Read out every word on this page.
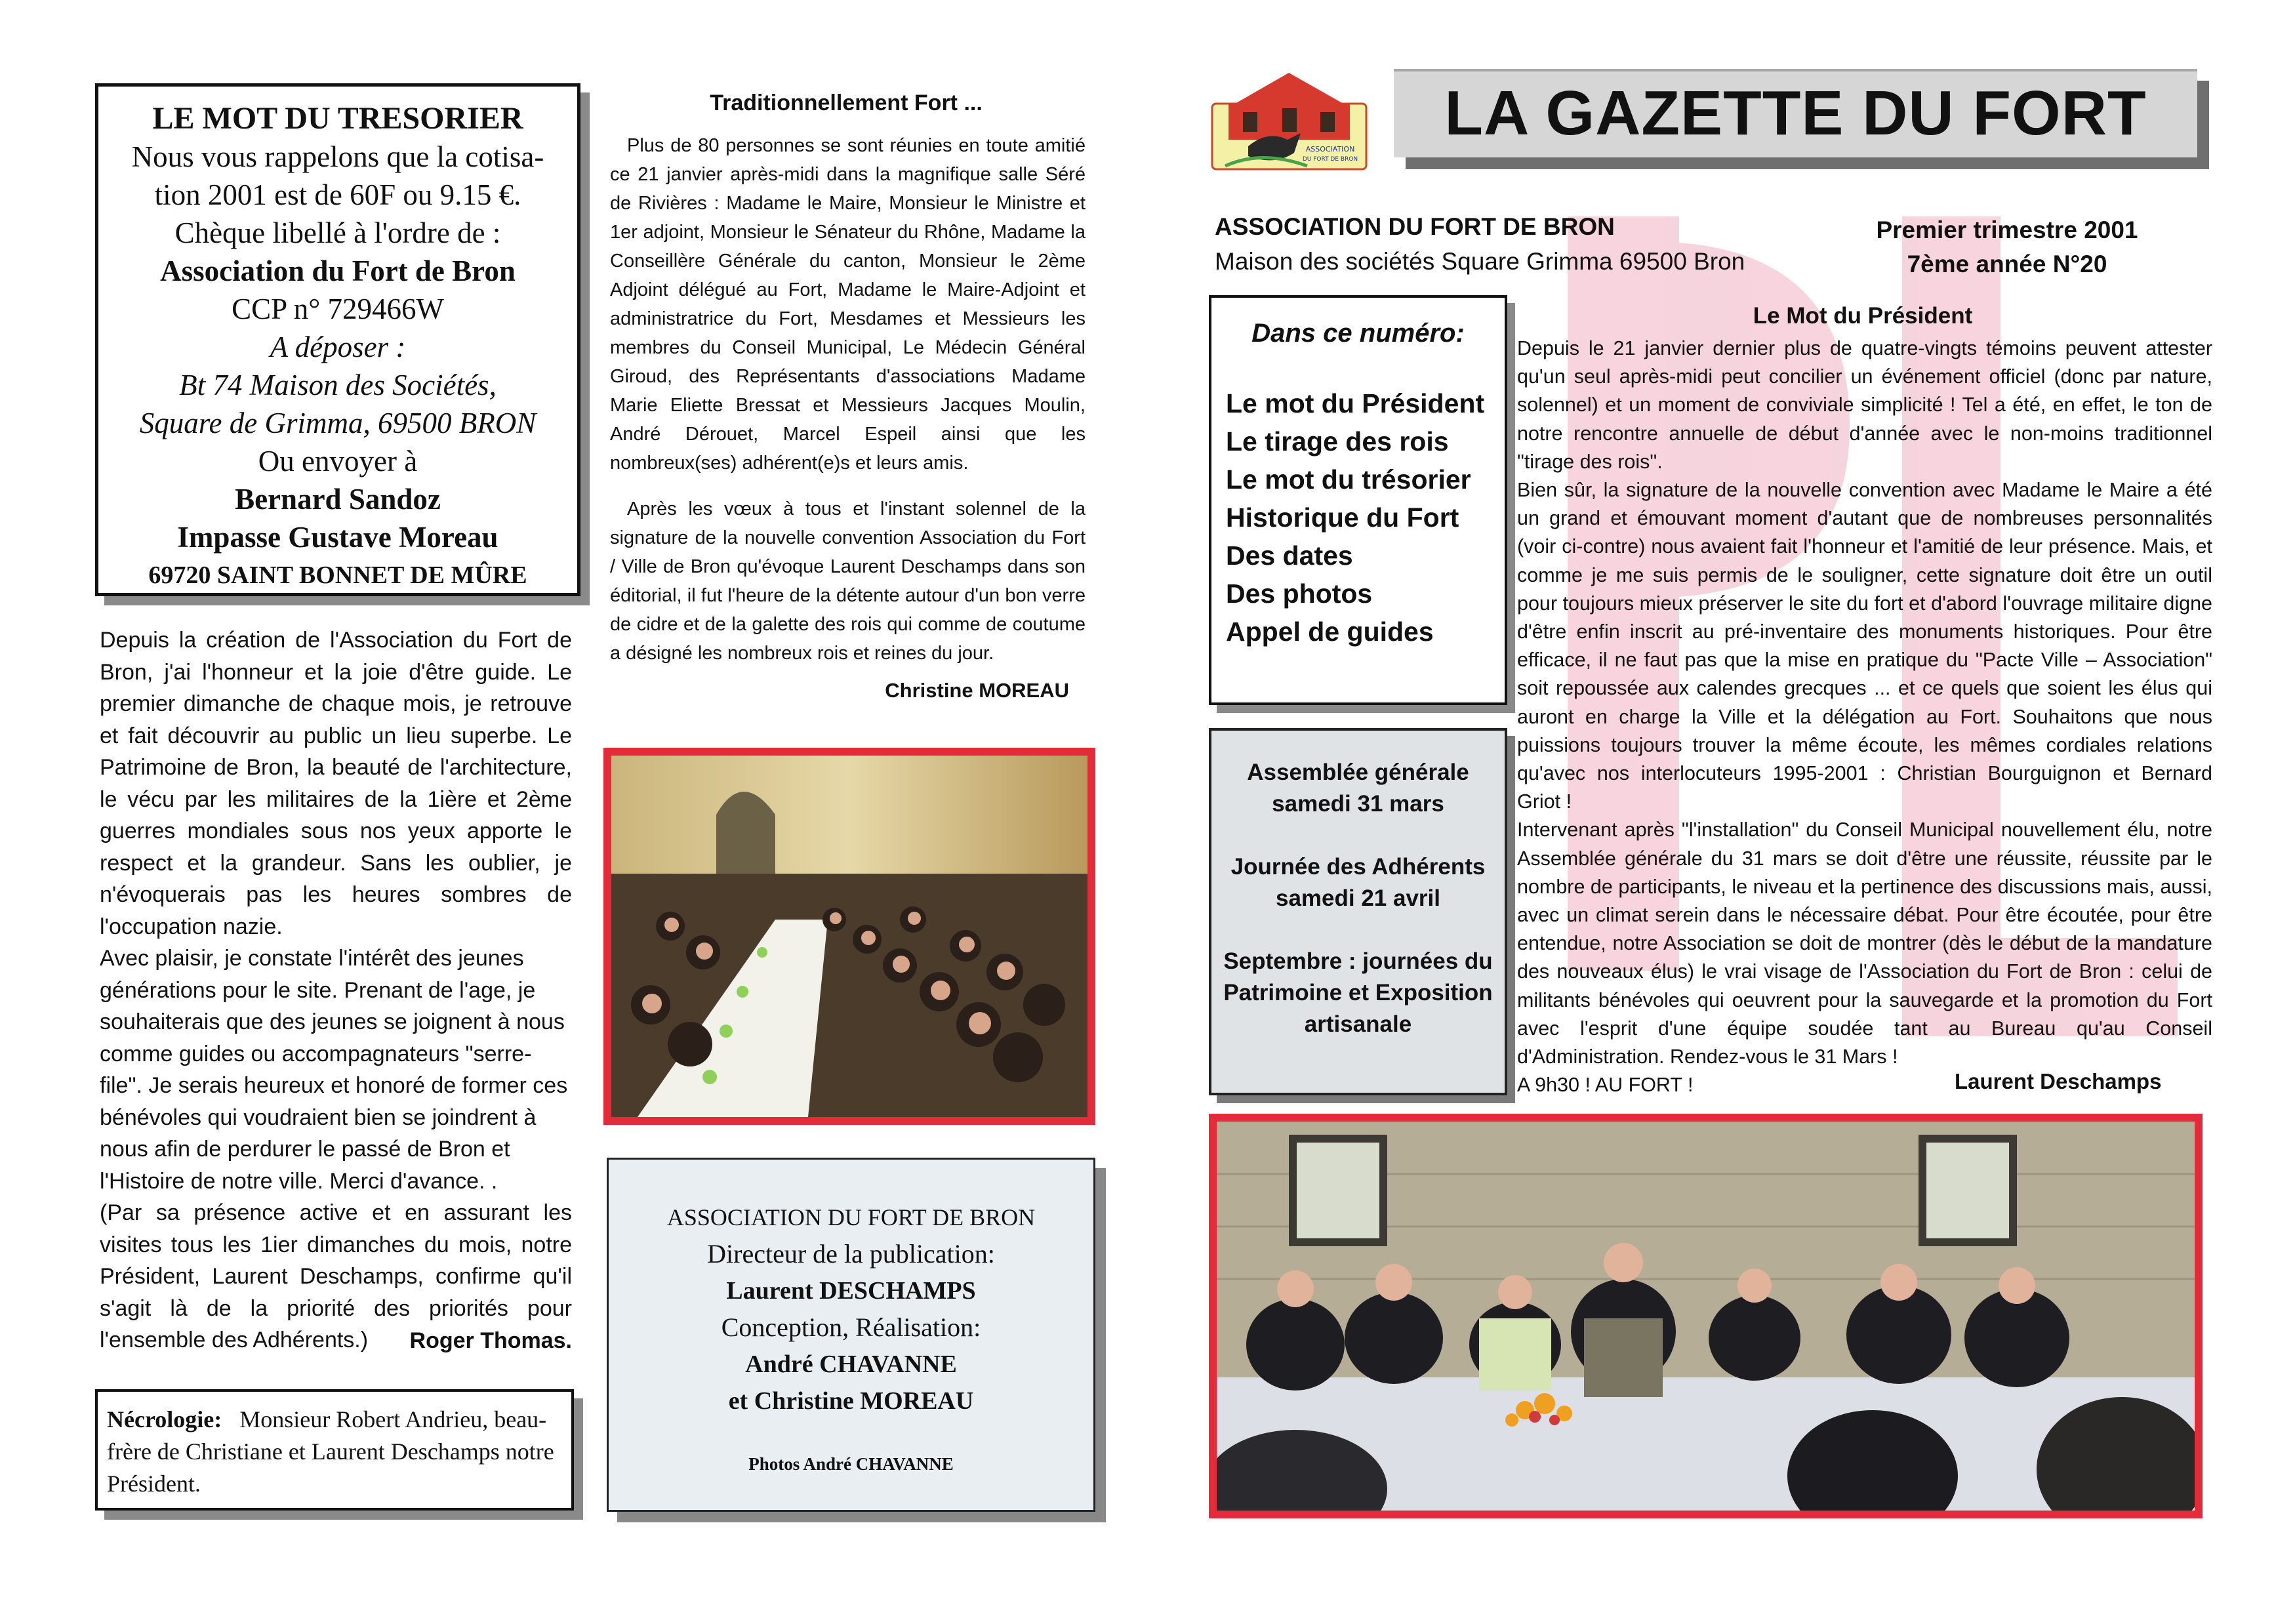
LE MOT DU TRESORIER
Nous vous rappelons que la cotisa-
tion 2001 est de 60F ou 9.15 €.
Chèque libellé à l'ordre de :
Association du Fort de Bron
CCP n° 729466W
A déposer :
Bt 74 Maison des Sociétés,
Square de Grimma, 69500 BRON
Ou envoyer à
Bernard Sandoz
Impasse Gustave Moreau
69720 SAINT BONNET DE MÛRE

Depuis la création de l'Association du Fort de Bron, j'ai l'honneur et la joie d'être guide. Le premier dimanche de chaque mois, je retrouve et fait découvrir au public un lieu superbe. Le Patrimoine de Bron, la beauté de l'architecture, le vécu par les militaires de la 1ière et 2ème guerres mondiales sous nos yeux apporte le respect et la grandeur. Sans les oublier, je n'évoquerais pas les heures sombres de l'occupation nazie.

Avec plaisir, je constate l'intérêt des jeunes générations pour le site. Prenant de l'age, je souhaiterais que des jeunes se joignent à nous comme guides ou accompagnateurs "serre-file". Je serais heureux et honoré de former ces bénévoles qui voudraient bien se joindrent à nous afin de perdurer le passé de Bron et l'Histoire de notre ville. Merci d'avance. .

(Par sa présence active et en assurant les visites tous les 1ier dimanches du mois, notre Président, Laurent Deschamps, confirme qu'il s'agit là de la priorité des priorités pour l'ensemble des Adhérents.)	Roger Thomas.

Nécrologie: Monsieur Robert Andrieu, beau-frère de Christiane et Laurent Deschamps notre Président.
Traditionnellement Fort ...

Plus de 80 personnes se sont réunies en toute amitié ce 21 janvier après-midi dans la magnifique salle Séré de Rivières : Madame le Maire, Monsieur le Ministre et 1er adjoint, Monsieur le Sénateur du Rhône, Madame la Conseillère Générale du canton, Monsieur le 2ème Adjoint délégué au Fort, Madame le Maire-Adjoint et administratrice du Fort, Mesdames et Messieurs les membres du Conseil Municipal, Le Médecin Général Giroud, des Représentants d'associations Madame Marie Eliette Bressat et Messieurs Jacques Moulin, André Dérouet, Marcel Espeil ainsi que les nombreux(ses) adhérent(e)s et leurs amis.

Après les vœux à tous et l'instant solennel de la signature de la nouvelle convention Association du Fort / Ville de Bron qu'évoque Laurent Deschamps dans son éditorial, il fut l'heure de la détente autour d'un bon verre de cidre et de la galette des rois qui comme de coutume a désigné les nombreux rois et reines du jour.

Christine MOREAU
ASSOCIATION DU FORT DE BRON
Directeur de la publication:
Laurent DESCHAMPS
Conception, Réalisation:
André CHAVANNE
et Christine MOREAU
Photos André CHAVANNE
ASSOCIATION
DU FORT DE BRON
LA GAZETTE DU FORT
ASSOCIATION DU FORT DE BRON
Maison des sociétés Square Grimma 69500 Bron
Premier trimestre 2001
7ème année N°20
Dans ce numéro:
Le mot du Président
Le tirage des rois
Le mot du trésorier
Historique du Fort
Des dates
Des photos
Appel de guides
Assemblée générale samedi 31 mars
Journée des Adhérents samedi 21 avril
Septembre : journées du Patrimoine et Exposition artisanale
Le Mot du Président

Depuis le 21 janvier dernier plus de quatre-vingts témoins peuvent attester qu'un seul après-midi peut concilier un événement officiel (donc par nature, solennel) et un moment de conviviale simplicité ! Tel a été, en effet, le ton de notre rencontre annuelle de début d'année avec le non-moins traditionnel "tirage des rois".

Bien sûr, la signature de la nouvelle convention avec Madame le Maire a été un grand et émouvant moment d'autant que de nombreuses personnalités (voir ci-contre) nous avaient fait l'honneur et l'amitié de leur présence. Mais, et comme je me suis permis de le souligner, cette signature doit être un outil pour toujours mieux préserver le site du fort et d'abord l'ouvrage militaire digne d'être enfin inscrit au pré-inventaire des monuments historiques. Pour être efficace, il ne faut pas que la mise en pratique du "Pacte Ville – Association" soit repoussée aux calendes grecques ... et ce quels que soient les élus qui auront en charge la Ville et la délégation au Fort. Souhaitons que nous puissions toujours trouver la même écoute, les mêmes cordiales relations qu'avec nos interlocuteurs 1995-2001 : Christian Bourguignon et Bernard Griot !

Intervenant après "l'installation" du Conseil Municipal nouvellement élu, notre Assemblée générale du 31 mars se doit d'être une réussite, réussite par le nombre de participants, le niveau et la pertinence des discussions mais, aussi, avec un climat serein dans le nécessaire débat. Pour être écoutée, pour être entendue, notre Association se doit de montrer (dès le début de la mandature des nouveaux élus) le vrai visage de l'Association du Fort de Bron : celui de militants bénévoles qui oeuvrent pour la sauvegarde et la promotion du Fort avec l'esprit d'une équipe soudée tant au Bureau qu'au Conseil d'Administration. Rendez-vous le 31 Mars !

A 9h30 ! AU FORT !	Laurent Deschamps
